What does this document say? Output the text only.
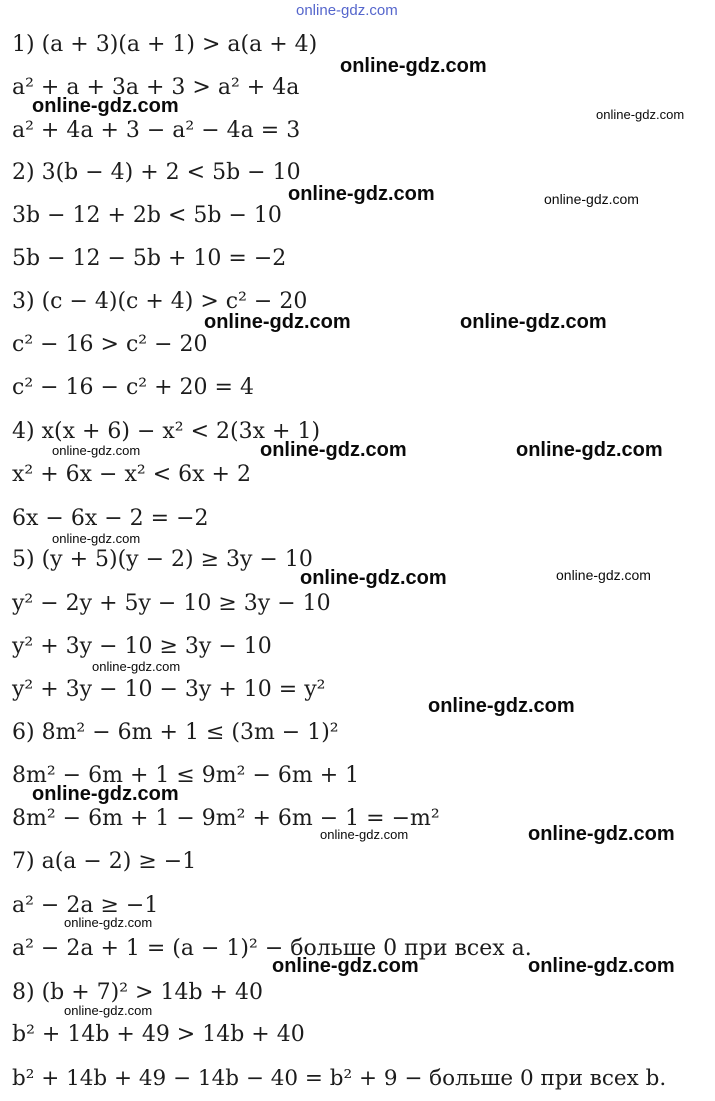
1) (a + 3)(a + 1) > a(a + 4)
a² + a + 3a + 3 > a² + 4a
a² + 4a + 3 − a² − 4a = 3
2) 3(b − 4) + 2 < 5b − 10
3b − 12 + 2b < 5b − 10
5b − 12 − 5b + 10 = −2
3) (c − 4)(c + 4) > c² − 20
c² − 16 > c² − 20
c² − 16 − c² + 20 = 4
4) x(x + 6) − x² < 2(3x + 1)
x² + 6x − x² < 6x + 2
6x − 6x − 2 = −2
5) (y + 5)(y − 2) ≥ 3y − 10
y² − 2y + 5y − 10 ≥ 3y − 10
y² + 3y − 10 ≥ 3y − 10
y² + 3y − 10 − 3y + 10 = y²
6) 8m² − 6m + 1 ≤ (3m − 1)²
8m² − 6m + 1 ≤ 9m² − 6m + 1
8m² − 6m + 1 − 9m² + 6m − 1 = −m²
7) a(a − 2) ≥ −1
a² − 2a ≥ −1
a² − 2a + 1 = (a − 1)² − больше 0 при всех a.
8) (b + 7)² > 14b + 40
b² + 14b + 49 > 14b + 40
b² + 14b + 49 − 14b − 40 = b² + 9 − больше 0 при всех b.
online-gdz.com
online-gdz.com
online-gdz.com	online-gdz.com
online-gdz.com	online-gdz.com
online-gdz.com	online-gdz.com
online-gdz.com	online-gdz.com	online-gdz.com
online-gdz.com
online-gdz.com	online-gdz.com
online-gdz.com
online-gdz.com
online-gdz.com
online-gdz.com	online-gdz.com
online-gdz.com
online-gdz.com	online-gdz.com
online-gdz.com
